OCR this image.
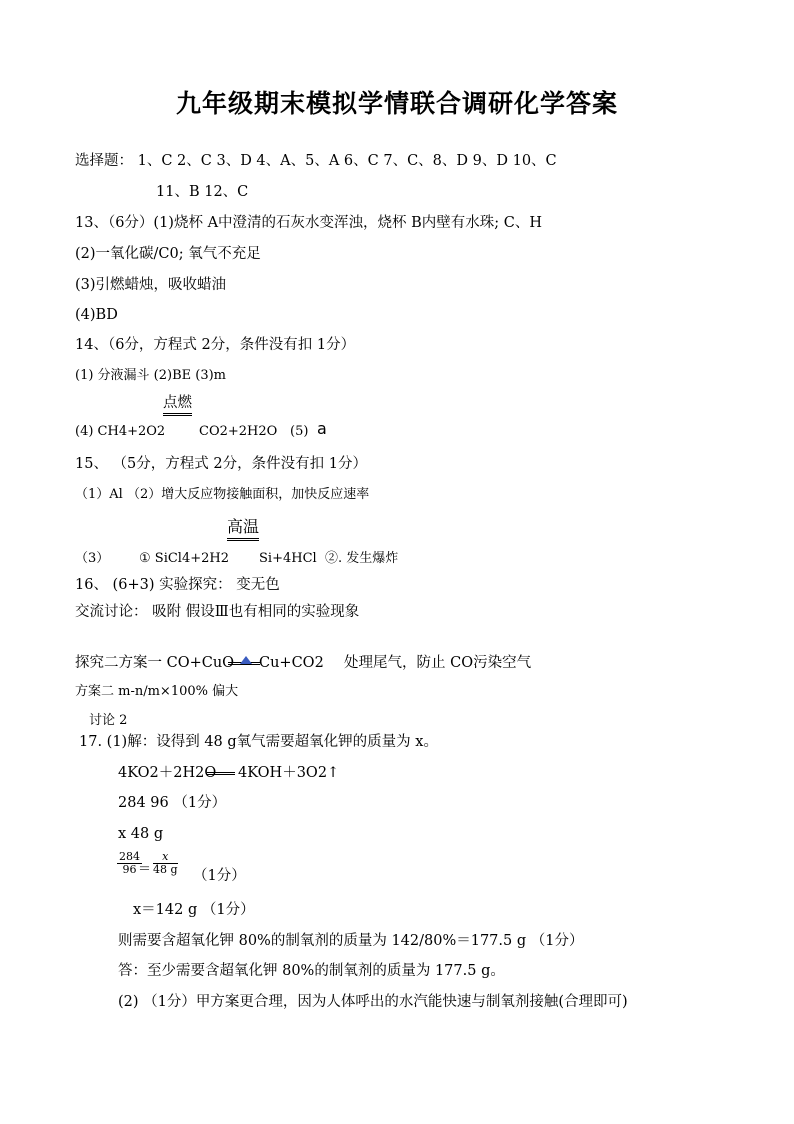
九年级期末模拟学情联合调研化学答案
选择题： 1、C 2、C 3、D 4、A、5、A 6、C 7、C、8、D 9、D 10、C
11、B 12、C
13、（6分）(1)烧杯 A中澄清的石灰水变浑浊，烧杯 B内壁有水珠; C、H
(2)一氧化碳/C0; 氧气不充足
(3)引燃蜡烛，吸收蜡油
(4)BD
14、（6分，方程式 2分，条件没有扣 1分）
(1) 分液漏斗 (2)BE (3)m
点燃
(4) CH4+2O2	CO2+2H2O (5) a
15、 （5分，方程式 2分，条件没有扣 1分）
（1）Al （2）增大反应物接触面积，加快反应速率
高温
（3） ① SiCl4+2H2 Si+4HCl ②. 发生爆炸
16、 (6+3) 实验探究： 变无色
交流讨论： 吸附 假设Ⅲ也有相同的实验现象
探究二方案一 CO+CuO Cu+CO2 处理尾气，防止 CO污染空气
方案二 m-n/m×100% 偏大
讨论 2
17. (1)解：设得到 48 g氧气需要超氧化钾的质量为 x。
4KO2＋2H2O 4KOH＋3O2↑
284 96 （1分）
x 48 g
$\frac{284}{96}$
＝ $\frac{x}{48 g} (1$分）
x＝142 g （1分）
则需要含超氧化钾 80%的制氧剂的质量为 142/80%＝177.5 g （1分）
答：至少需要含超氧化钾 80%的制氧剂的质量为 177.5 g。
(2) （1分）甲方案更合理，因为人体呼出的水汽能快速与制氧剂接触(合理即可)
